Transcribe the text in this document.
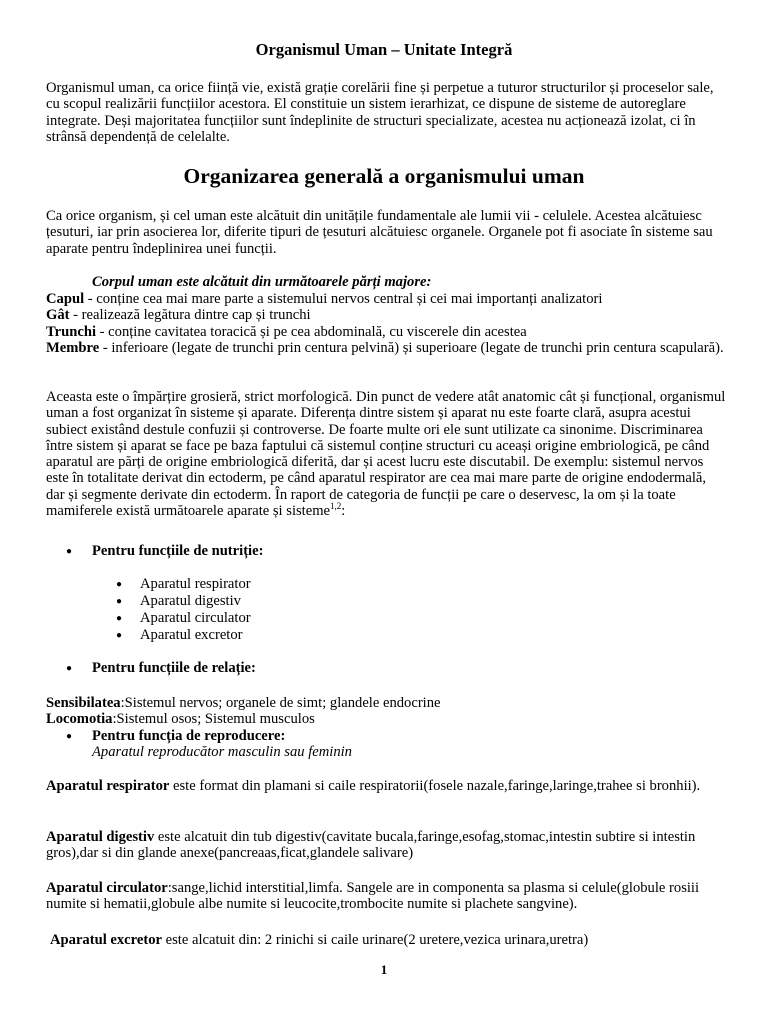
Organismul Uman – Unitate Integră

Organismul uman, ca orice ființă vie, există grație corelării fine și perpetue a tuturor structurilor și proceselor sale, cu scopul realizării funcțiilor acestora. El constituie un sistem ierarhizat, ce dispune de sisteme de autoreglare integrate. Deși majoritatea funcțiilor sunt îndeplinite de structuri specializate, acestea nu acționează izolat, ci în strânsă dependență de celelalte.

Organizarea generală a organismului uman

Ca orice organism, și cel uman este alcătuit din unitățile fundamentale ale lumii vii - celulele. Acestea alcătuiesc țesuturi, iar prin asocierea lor, diferite tipuri de țesuturi alcătuiesc organele. Organele pot fi asociate în sisteme sau aparate pentru îndeplinirea unei funcții.

Corpul uman este alcătuit din următoarele părți majore:
Capul - conține cea mai mare parte a sistemului nervos central și cei mai importanți analizatori
Gât - realizează legătura dintre cap și trunchi
Trunchi - conține cavitatea toracică și pe cea abdominală, cu viscerele din acestea

Membre - inferioare (legate de trunchi prin centura pelvină) și superioare (legate de trunchi prin centura scapulară).

Aceasta este o împărțire grosieră, strict morfologică. Din punct de vedere atât anatomic cât și funcțional, organismul uman a fost organizat în sisteme și aparate. Diferența dintre sistem și aparat nu este foarte clară, asupra acestui subiect existând destule confuzii și controverse. De foarte multe ori ele sunt utilizate ca sinonime. Discriminarea între sistem și aparat se face pe baza faptului că sistemul conține structuri cu aceași origine embriologică, pe când aparatul are părți de origine embriologică diferită, dar și acest lucru este discutabil. De exemplu: sistemul nervos este în totalitate derivat din ectoderm, pe când aparatul respirator are cea mai mare parte de origine endodermală, dar și segmente derivate din ectoderm. În raport de categoria de funcții pe care o deservesc, la om și la toate mamiferele există următoarele aparate și sisteme$^{1,2}$:

● Pentru funcțiile de nutriție:
● Aparatul respirator
● Aparatul digestiv
● Aparatul circulator
● Aparatul excretor
● Pentru funcțiile de relație:
Sensibilatea:Sistemul nervos; organele de simt; glandele endocrine
Locomotia:Sistemul osos; Sistemul musculos
● Pentru funcția de reproducere:
Aparatul reproducător masculin sau feminin

Aparatul respirator este format din plamani si caile respiratorii(fosele nazale,faringe,laringe,trahee si bronhii).

Aparatul digestiv este alcatuit din tub digestiv(cavitate bucala,faringe,esofag,stomac,intestin subtire si intestin gros),dar si din glande anexe(pancreaas,ficat,glandele salivare)

Aparatul circulator:sange,lichid interstitial,limfa. Sangele are in componenta sa plasma si celule(globule rosiii numite si hematii,globule albe numite si leucocite,trombocite numite si plachete sangvine).

Aparatul excretor este alcatuit din: 2 rinichi si caile urinare(2 uretere,vezica urinara,uretra)
1
